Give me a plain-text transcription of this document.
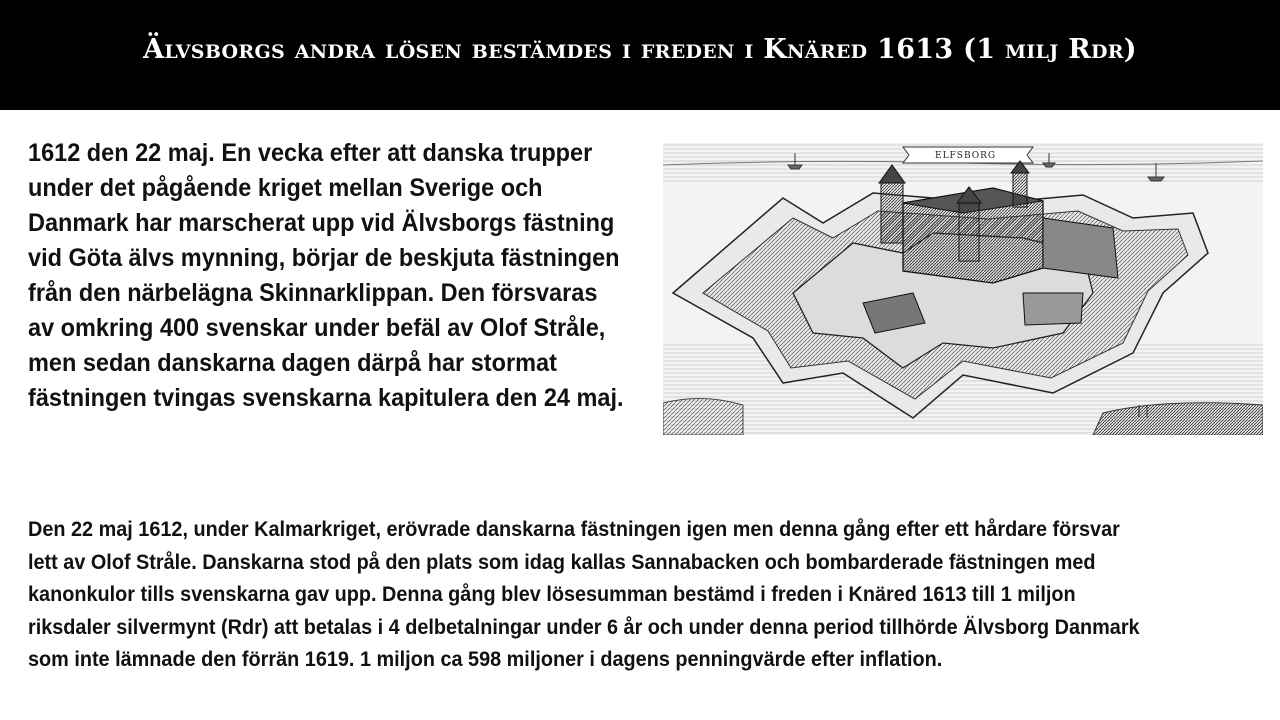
Älvsborgs andra lösen bestämdes i freden i Knäred 1613 (1 milj Rdr)
1612 den 22 maj. En vecka efter att danska trupper under det pågående kriget mellan Sverige och Danmark har marscherat upp vid Älvsborgs fästning vid Göta älvs mynning, börjar de beskjuta fästningen från den närbelägna Skinnarklippan. Den försvaras av omkring 400 svenskar under befäl av Olof Stråle, men sedan danskarna dagen därpå har stormat fästningen tvingas svenskarna kapitulera den 24 maj.
ELFSBORG
Den 22 maj 1612, under Kalmarkriget, erövrade danskarna fästningen igen men denna gång efter ett hårdare försvar
lett av Olof Stråle. Danskarna stod på den plats som idag kallas Sannabacken och bombarderade fästningen med
kanonkulor tills svenskarna gav upp. Denna gång blev lösesumman bestämd i freden i Knäred 1613 till 1 miljon
riksdaler silvermynt (Rdr) att betalas i 4 delbetalningar under 6 år och under denna period tillhörde Älvsborg Danmark
som inte lämnade den förrän 1619. 1 miljon ca 598 miljoner i dagens penningvärde efter inflation.
